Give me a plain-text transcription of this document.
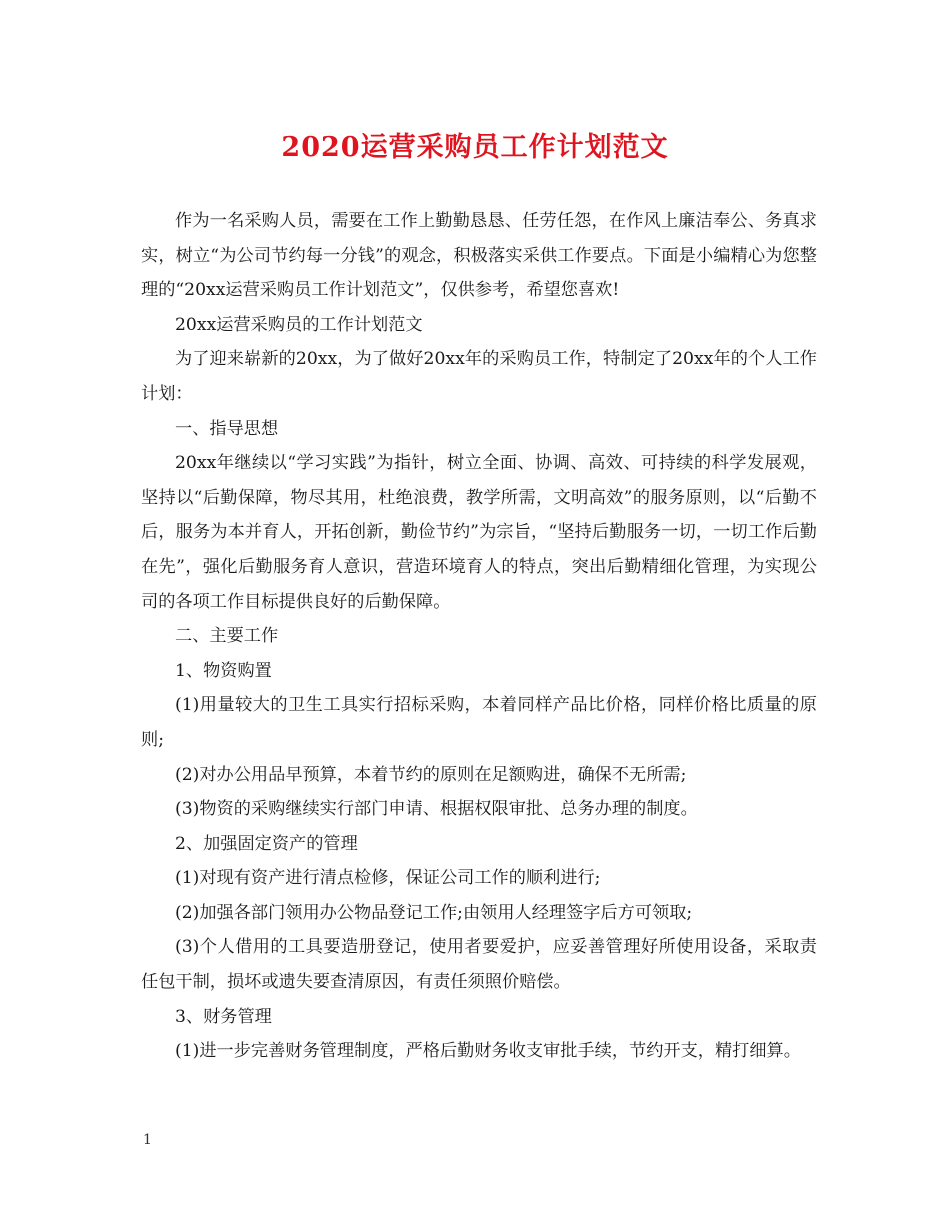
2020运营采购员工作计划范文

作为一名采购人员，需要在工作上勤勤恳恳、任劳任怨，在作风上廉洁奉公、务真求实，树立“为公司节约每一分钱”的观念，积极落实采供工作要点。下面是小编精心为您整理的“20xx运营采购员工作计划范文”，仅供参考，希望您喜欢!

20xx运营采购员的工作计划范文

为了迎来崭新的20xx，为了做好20xx年的采购员工作，特制定了20xx年的个人工作计划：

一、指导思想

20xx年继续以“学习实践”为指针，树立全面、协调、高效、可持续的科学发展观，坚持以“后勤保障，物尽其用，杜绝浪费，教学所需，文明高效”的服务原则，以“后勤不后，服务为本并育人，开拓创新，勤俭节约”为宗旨，“坚持后勤服务一切，一切工作后勤在先”，强化后勤服务育人意识，营造环境育人的特点，突出后勤精细化管理，为实现公司的各项工作目标提供良好的后勤保障。

二、主要工作

1、物资购置

(1)用量较大的卫生工具实行招标采购，本着同样产品比价格，同样价格比质量的原则;

(2)对办公用品早预算，本着节约的原则在足额购进，确保不无所需;

(3)物资的采购继续实行部门申请、根据权限审批、总务办理的制度。

2、加强固定资产的管理

(1)对现有资产进行清点检修，保证公司工作的顺利进行;

(2)加强各部门领用办公物品登记工作;由领用人经理签字后方可领取;

(3)个人借用的工具要造册登记，使用者要爱护，应妥善管理好所使用设备，采取责任包干制，损坏或遗失要查清原因，有责任须照价赔偿。

3、财务管理

(1)进一步完善财务管理制度，严格后勤财务收支审批手续，节约开支，精打细算。

1
